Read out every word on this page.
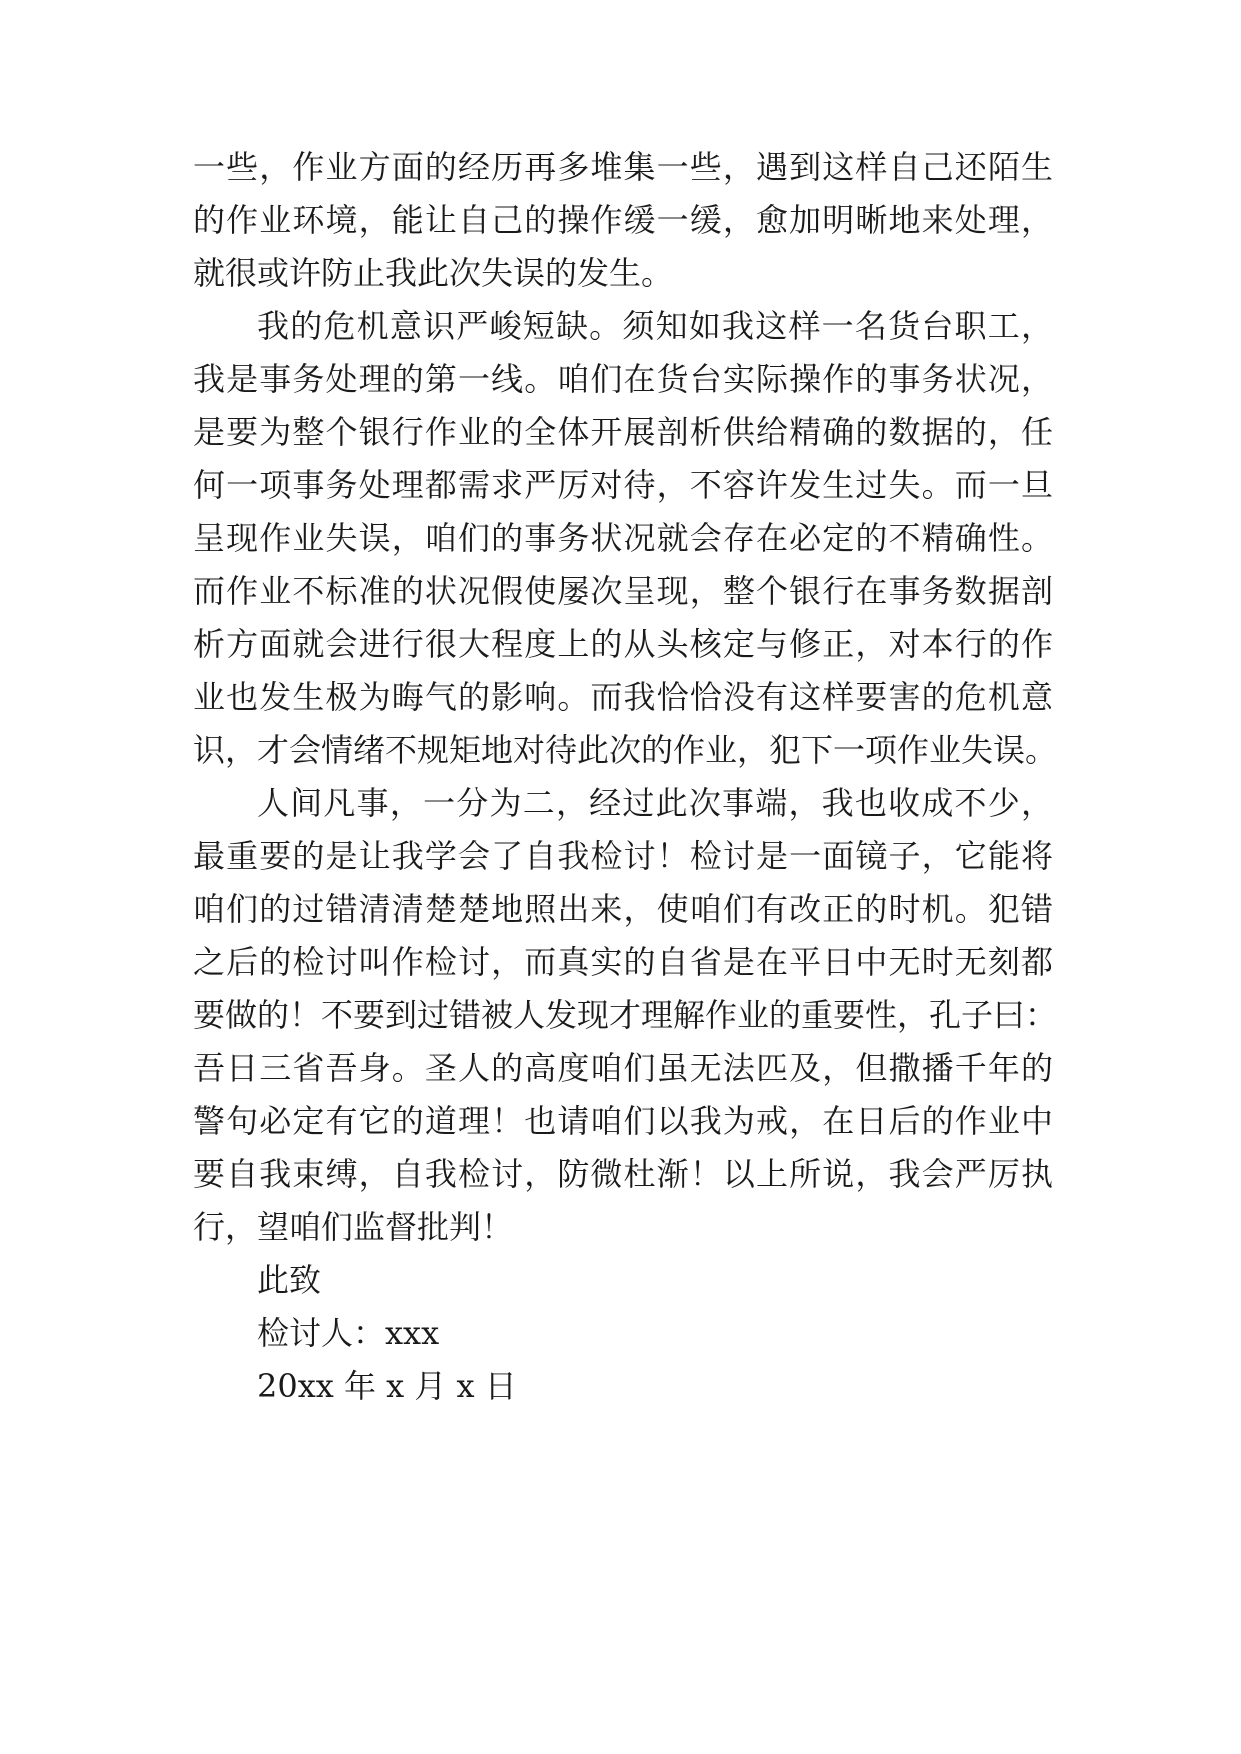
一些，作业方面的经历再多堆集一些，遇到这样自己还陌生
的作业环境，能让自己的操作缓一缓，愈加明晰地来处理，
就很或许防止我此次失误的发生。
我的危机意识严峻短缺。须知如我这样一名货台职工，
我是事务处理的第一线。咱们在货台实际操作的事务状况，
是要为整个银行作业的全体开展剖析供给精确的数据的，任
何一项事务处理都需求严厉对待，不容许发生过失。而一旦
呈现作业失误，咱们的事务状况就会存在必定的不精确性。
而作业不标准的状况假使屡次呈现，整个银行在事务数据剖
析方面就会进行很大程度上的从头核定与修正，对本行的作
业也发生极为晦气的影响。而我恰恰没有这样要害的危机意
识，才会情绪不规矩地对待此次的作业，犯下一项作业失误。
人间凡事，一分为二，经过此次事端，我也收成不少，
最重要的是让我学会了自我检讨！检讨是一面镜子，它能将
咱们的过错清清楚楚地照出来，使咱们有改正的时机。犯错
之后的检讨叫作检讨，而真实的自省是在平日中无时无刻都
要做的！不要到过错被人发现才理解作业的重要性，孔子曰：
吾日三省吾身。圣人的高度咱们虽无法匹及，但撒播千年的
警句必定有它的道理！也请咱们以我为戒，在日后的作业中
要自我束缚，自我检讨，防微杜渐！以上所说，我会严厉执
行，望咱们监督批判！
此致
检讨人：xxx
20xx 年 x 月 x 日
